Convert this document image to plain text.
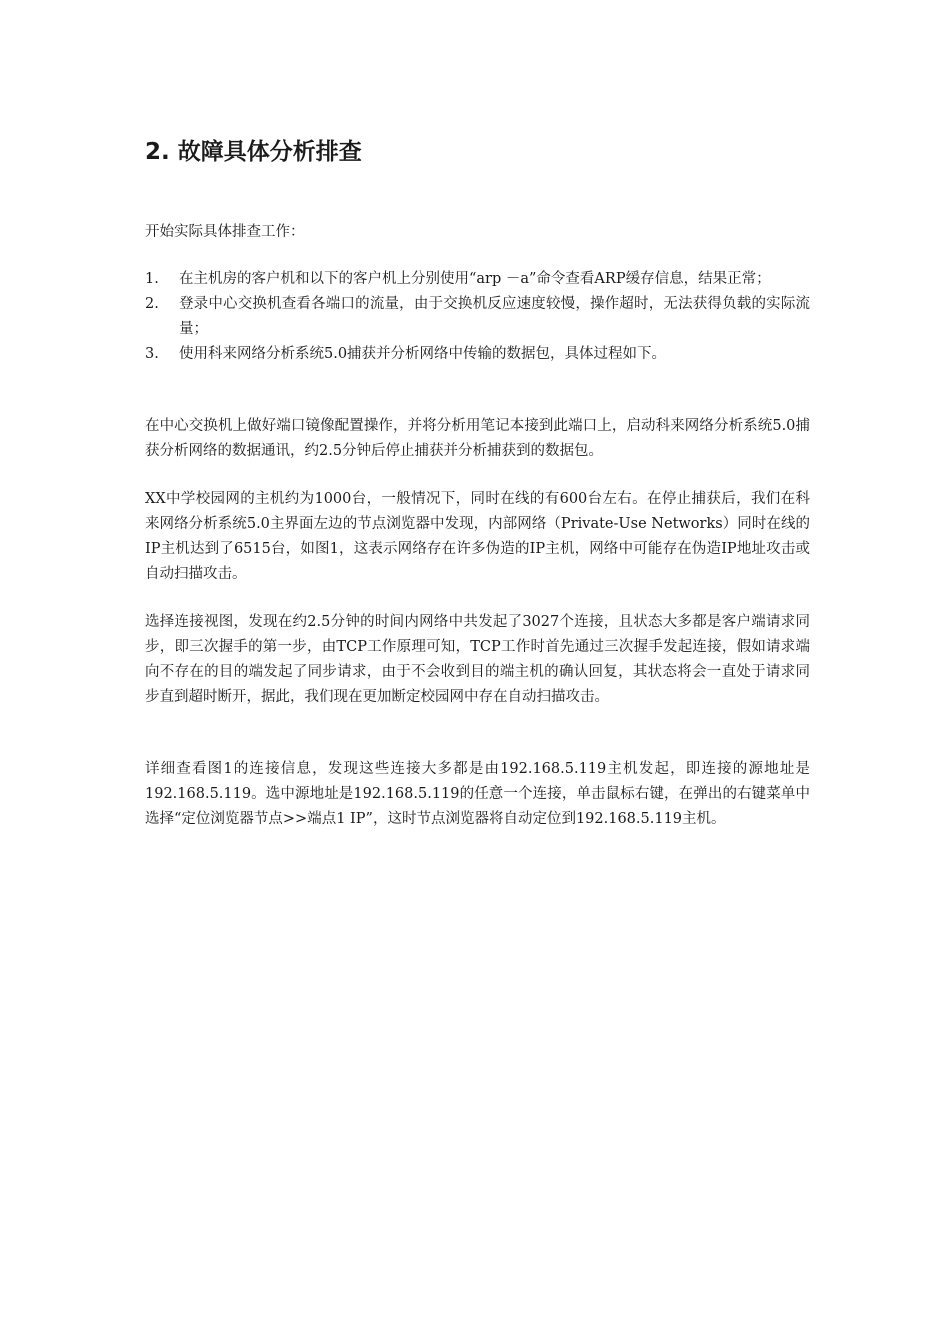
2. 故障具体分析排查

开始实际具体排查工作：

1. 在主机房的客户机和以下的客户机上分别使用“arp －a”命令查看ARP缓存信息，结果正常；
2. 登录中心交换机查看各端口的流量，由于交换机反应速度较慢，操作超时，无法获得负载的实际流量；
3. 使用科来网络分析系统5.0捕获并分析网络中传输的数据包，具体过程如下。

在中心交换机上做好端口镜像配置操作，并将分析用笔记本接到此端口上，启动科来网络分析系统5.0捕获分析网络的数据通讯，约2.5分钟后停止捕获并分析捕获到的数据包。

XX中学校园网的主机约为1000台，一般情况下，同时在线的有600台左右。在停止捕获后，我们在科来网络分析系统5.0主界面左边的节点浏览器中发现，内部网络（Private-Use Networks）同时在线的IP主机达到了6515台，如图1，这表示网络存在许多伪造的IP主机，网络中可能存在伪造IP地址攻击或自动扫描攻击。

选择连接视图，发现在约2.5分钟的时间内网络中共发起了3027个连接，且状态大多都是客户端请求同步，即三次握手的第一步，由TCP工作原理可知，TCP工作时首先通过三次握手发起连接，假如请求端向不存在的目的端发起了同步请求，由于不会收到目的端主机的确认回复，其状态将会一直处于请求同步直到超时断开，据此，我们现在更加断定校园网中存在自动扫描攻击。

详细查看图1的连接信息，发现这些连接大多都是由192.168.5.119主机发起，即连接的源地址是192.168.5.119。选中源地址是192.168.5.119的任意一个连接，单击鼠标右键，在弹出的右键菜单中选择“定位浏览器节点>>端点1 IP”，这时节点浏览器将自动定位到192.168.5.119主机。
